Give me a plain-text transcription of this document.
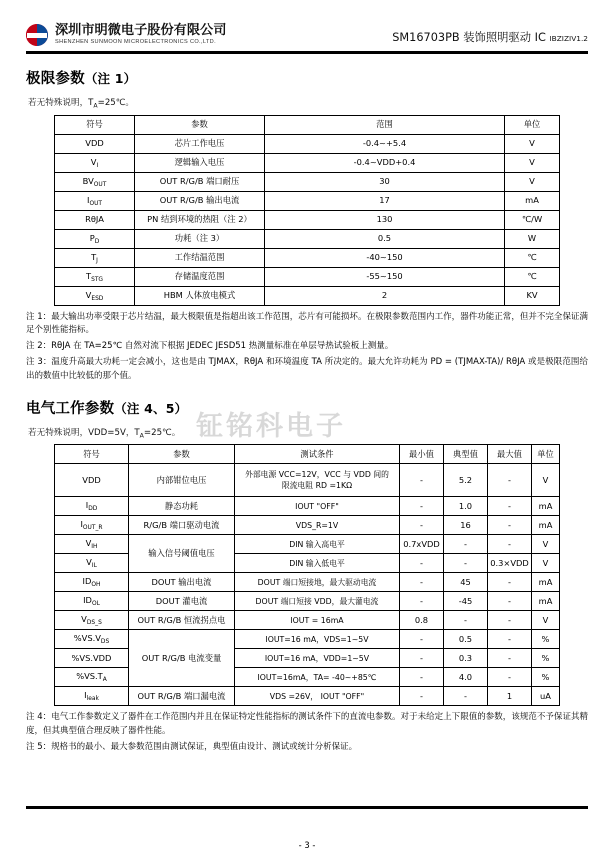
深圳市明微电子股份有限公司
SHENZHEN SUNMOON MICROELECTRONICS CO.,LTD.	SM16703PB 装饰照明驱动 IC IBZIZIV1.2
钲铭科电子
极限参数（注 1）
若无特殊说明，$T_A=25℃$。
符号	参数	范围	单位
VDD	芯片工作电压	-0.4~+5.4	V
$V_I$	逻辑输入电压	-0.4~VDD+0.4	V
$BV_{OUT}$	OUT R/G/B 端口耐压	30	V
$I_{OUT}$	OUT R/G/B 输出电流	17	mA
RθJA	PN 结到环境的热阻（注 2）	130	℃/W
$P_D$	功耗（注 3）	0.5	W
$T_J$	工作结温范围	-40~150	℃
$T_{STG}$	存储温度范围	-55~150	℃
$V_{ESD}$	HBM 人体放电模式	2	KV
注 1：最大输出功率受限于芯片结温，最大极限值是指超出该工作范围，芯片有可能损坏。在极限参数范围内工作，器件功能正常，但并不完全保证满足个别性能指标。
注 2：RθJA 在 TA=25℃ 自然对流下根据 JEDEC JESD51 热测量标准在单层导热试验板上测量。
注 3：温度升高最大功耗一定会减小，这也是由 TJMAX，RθJA 和环境温度 TA 所决定的。最大允许功耗为 PD = (TJMAX-TA)/ RθJA 或是极限范围给出的数值中比较低的那个值。
电气工作参数（注 4、5）
若无特殊说明，VDD=5V，$T_A=25℃$。
符号	参数	测试条件	最小值	典型值	最大值	单位
VDD	内部钳位电压	外部电源 VCC=12V，VCC 与 VDD 间的
限流电阻 RD =1KΩ	-	5.2	-	V
$I_{DD}$	静态功耗	IOUT "OFF"	-	1.0	-	mA
$I_{OUT\_R}$	R/G/B 端口驱动电流	VDS_R=1V	-	16	-	mA
$V_{IH}$	输入信号阈值电压	DIN 输入高电平	0.7xVDD	-	-	V
$V_{IL}$		DIN 输入低电平	-	-	0.3×VDD	V
$ID_{OH}$	DOUT 输出电流	DOUT 端口短接地，最大驱动电流	-	45	-	mA
$ID_{OL}$	DOUT 灌电流	DOUT 端口短接 VDD，最大灌电流	-	-45	-	mA
$V_{DS\_S}$	OUT R/G/B 恒流拐点电	IOUT = 16mA	0.8	-	-	V
$\%VS.V_{DS}$	OUT R/G/B 电流变量	IOUT=16 mA，VDS=1~5V	-	0.5	-	%
%VS.VDD		IOUT=16 mA，VDD=1~5V	-	0.3	-	%
$\%VS.T_A$		IOUT=16mA，TA= -40~+85℃	-	4.0	-	%
$I_{leak}$	OUT R/G/B 端口漏电流	VDS =26V， IOUT "OFF"	-	-	1	uA
注 4：电气工作参数定义了器件在工作范围内并且在保证特定性能指标的测试条件下的直流电参数。对于未给定上下限值的参数，该规范不予保证其精度，但其典型值合理反映了器件性能。
注 5：规格书的最小、最大参数范围由测试保证，典型值由设计、测试或统计分析保证。
- 3 -
